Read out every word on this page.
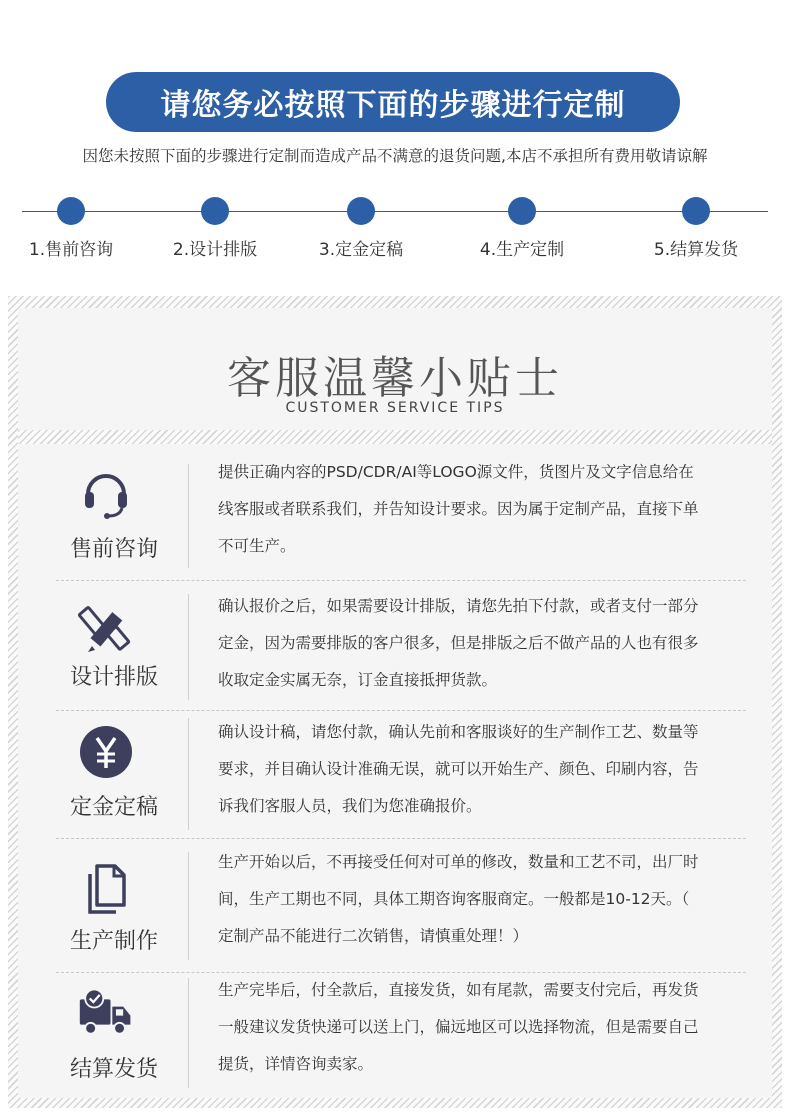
请您务必按照下面的步骤进行定制
因您未按照下面的步骤进行定制而造成产品不满意的退货问题,本店不承担所有费用敬请谅解
1.售前咨询	2.设计排版	3.定金定稿	4.生产定制	5.结算发货
客服温馨小贴士
CUSTOMER SERVICE TIPS
售前咨询
提供正确内容的PSD/CDR/AI等LOGO源文件，货图片及文字信息给在
线客服或者联系我们，并告知设计要求。因为属于定制产品，直接下单
不可生产。
设计排版
确认报价之后，如果需要设计排版，请您先拍下付款，或者支付一部分
定金，因为需要排版的客户很多，但是排版之后不做产品的人也有很多
收取定金实属无奈，订金直接抵押货款。
定金定稿
确认设计稿，请您付款，确认先前和客服谈好的生产制作工艺、数量等
要求，并目确认设计准确无误，就可以开始生产、颜色、印刷内容，告
诉我们客服人员，我们为您准确报价。
生产制作
生产开始以后，不再接受任何对可单的修改，数量和工艺不司，出厂时
间，生产工期也不同，具体工期咨询客服商定。一般都是10-12天。（
定制产品不能进行二次销售，请慎重处理！）
结算发货
生产完毕后，付全款后，直接发货，如有尾款，需要支付完后，再发货
一般建议发货快递可以送上门，偏远地区可以选择物流，但是需要自己
提货，详情咨询卖家。
